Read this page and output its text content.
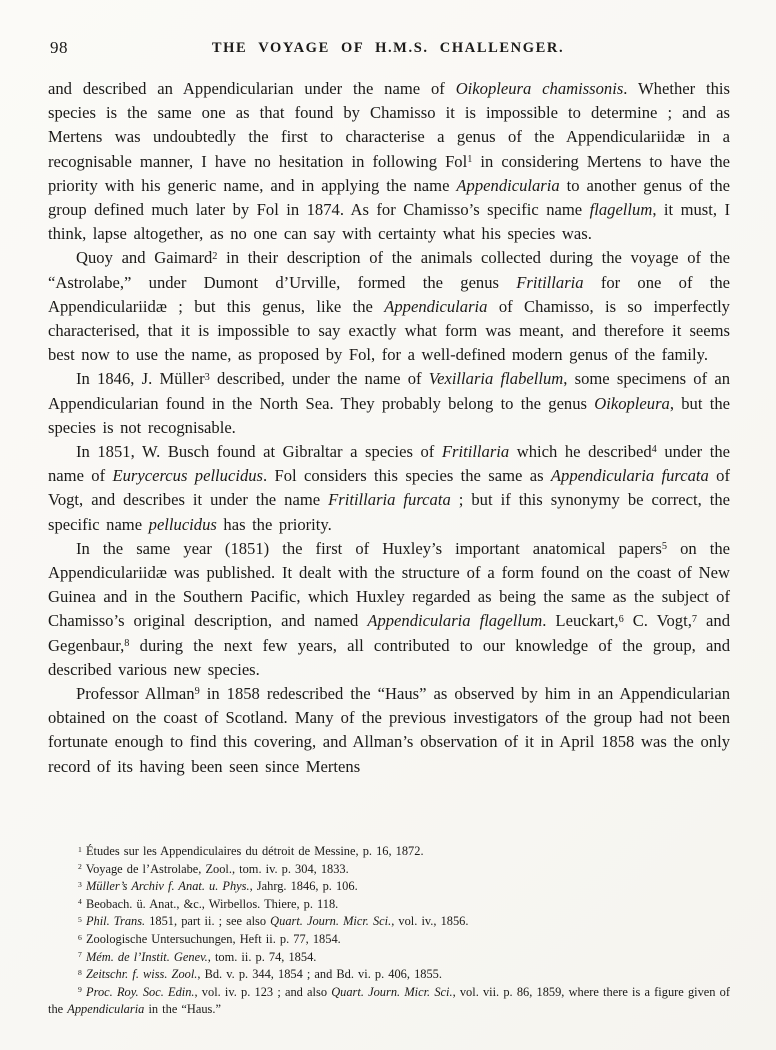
98	THE VOYAGE OF H.M.S. CHALLENGER.

and described an Appendicularian under the name of Oikopleura chamissonis. Whether this species is the same one as that found by Chamisso it is impossible to determine ; and as Mertens was undoubtedly the first to characterise a genus of the Appendiculariidæ in a recognisable manner, I have no hesitation in following Fol$^1$ in considering Mertens to have the priority with his generic name, and in applying the name Appendicularia to another genus of the group defined much later by Fol in 1874. As for Chamisso’s specific name flagellum, it must, I think, lapse altogether, as no one can say with certainty what his species was.

Quoy and Gaimard$^2$ in their description of the animals collected during the voyage of the “Astrolabe,” under Dumont d’Urville, formed the genus Fritillaria for one of the Appendiculariidæ ; but this genus, like the Appendicularia of Chamisso, is so imperfectly characterised, that it is impossible to say exactly what form was meant, and therefore it seems best now to use the name, as proposed by Fol, for a well-defined modern genus of the family.

In 1846, J. Müller$^3$ described, under the name of Vexillaria flabellum, some specimens of an Appendicularian found in the North Sea. They probably belong to the genus Oikopleura, but the species is not recognisable.

In 1851, W. Busch found at Gibraltar a species of Fritillaria which he described$^4$ under the name of Eurycercus pellucidus. Fol considers this species the same as Appendicularia furcata of Vogt, and describes it under the name Fritillaria furcata ; but if this synonymy be correct, the specific name pellucidus has the priority.

In the same year (1851) the first of Huxley’s important anatomical papers$^5$ on the Appendiculariidæ was published. It dealt with the structure of a form found on the coast of New Guinea and in the Southern Pacific, which Huxley regarded as being the same as the subject of Chamisso’s original description, and named Appendicularia flagellum. Leuckart,$^6$ C. Vogt,$^7$ and Gegenbaur,$^8$ during the next few years, all contributed to our knowledge of the group, and described various new species.

Professor Allman$^9$ in 1858 redescribed the “Haus” as observed by him in an Appendicularian obtained on the coast of Scotland. Many of the previous investigators of the group had not been fortunate enough to find this covering, and Allman’s observation of it in April 1858 was the only record of its having been seen since Mertens

$^1$ Études sur les Appendiculaires du détroit de Messine, p. 16, 1872.
$^2$ Voyage de l’Astrolabe, Zool., tom. iv. p. 304, 1833.
$^3$ Müller’s Archiv f. Anat. u. Phys., Jahrg. 1846, p. 106.
$^4$ Beobach. ü. Anat., &c., Wirbellos. Thiere, p. 118.
$^5$ Phil. Trans. 1851, part ii. ; see also Quart. Journ. Micr. Sci., vol. iv., 1856.
$^6$ Zoologische Untersuchungen, Heft ii. p. 77, 1854.
$^7$ Mém. de l’Instit. Genev., tom. ii. p. 74, 1854.
$^8$ Zeitschr. f. wiss. Zool., Bd. v. p. 344, 1854 ; and Bd. vi. p. 406, 1855.
$^9$ Proc. Roy. Soc. Edin., vol. iv. p. 123 ; and also Quart. Journ. Micr. Sci., vol. vii. p. 86, 1859, where there is a figure given of the Appendicularia in the “Haus.”
